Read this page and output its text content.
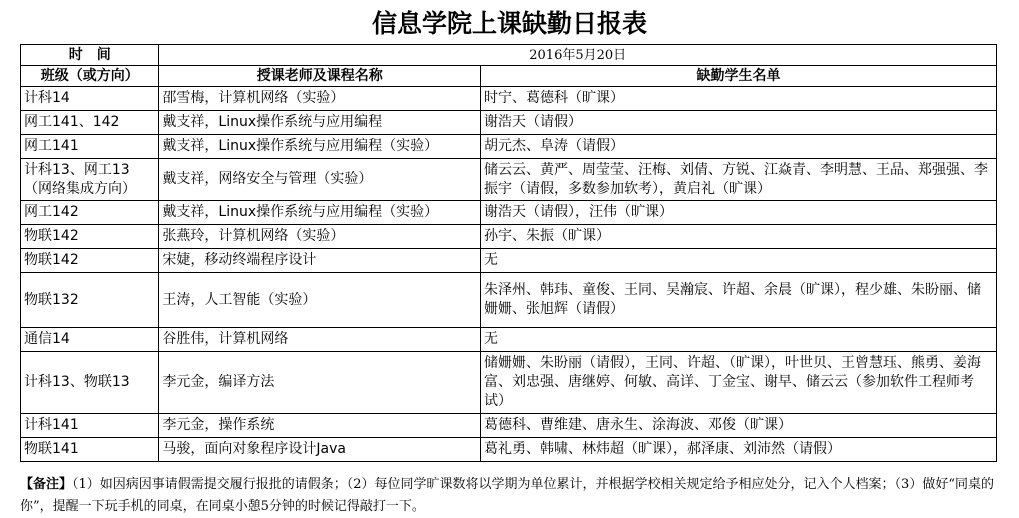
信息学院上课缺勤日报表
时　间	2016年5月20日	
班级（或方向）	授课老师及课程名称	缺勤学生名单
计科14	邵雪梅，计算机网络（实验）	时宁、葛德科（旷课）
网工141、142	戴支祥，Linux操作系统与应用编程	谢浩天（请假）
网工141	戴支祥，Linux操作系统与应用编程（实验）	胡元杰、阜涛（请假）
计科13、网工13（网络集成方向）	戴支祥，网络安全与管理（实验）	储云云、黄严、周莹莹、汪梅、刘倩、方锐、江焱青、李明慧、王品、郑强强、李振宇（请假，多数参加软考），黄启礼（旷课）
网工142	戴支祥，Linux操作系统与应用编程（实验）	谢浩天（请假），汪伟（旷课）
物联142	张燕玲，计算机网络（实验）	孙宇、朱振（旷课）
物联142	宋婕，移动终端程序设计	无
物联132	王涛，人工智能（实验）	朱泽州、韩玮、童俊、王同、吴瀚宸、许超、余晨（旷课），程少雄、朱盼丽、储姗姗、张旭辉（请假）
通信14	谷胜伟，计算机网络	无
计科13、物联13	李元金，编译方法	储姗姗、朱盼丽（请假），王同、许超、（旷课），叶世贝、王曾慧珏、熊勇、姜海富、刘忠强、唐继婷、何敏、高详、丁金宝、谢早、储云云（参加软件工程师考试）
计科141	李元金，操作系统	葛德科、曹维建、唐永生、涂海波、邓俊（旷课）
物联141	马骏，面向对象程序设计Java	葛礼勇、韩啸、林炜超（旷课），郝泽康、刘沛然（请假）
【备注】（1）如因病因事请假需提交履行报批的请假条；（2）每位同学旷课数将以学期为单位累计，并根据学校相关规定给予相应处分，记入个人档案；（3）做好“同桌的你”，提醒一下玩手机的同桌，在同桌小憩5分钟的时候记得敲打一下。
